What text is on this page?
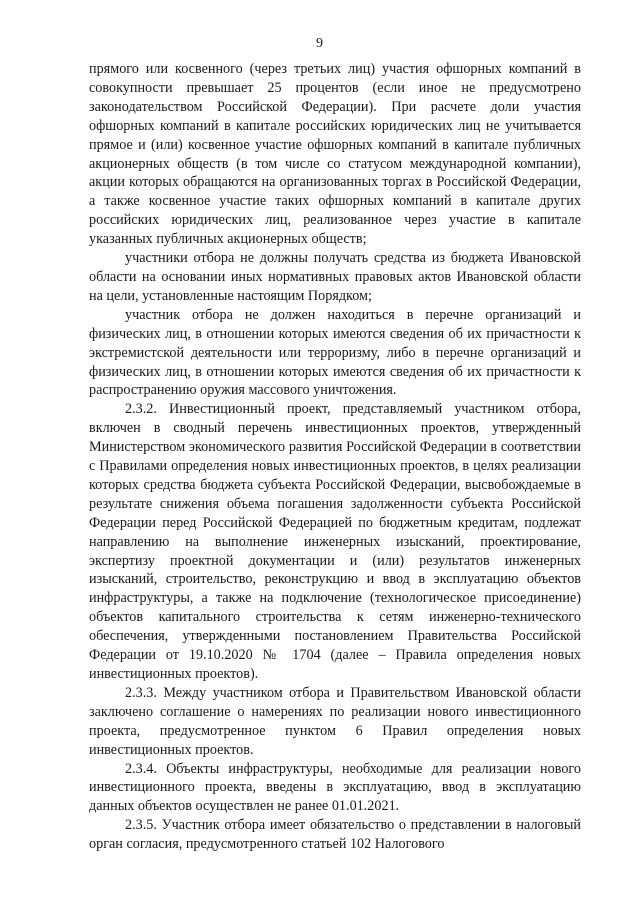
9

прямого или косвенного (через третьих лиц) участия офшорных компаний в совокупности превышает 25 процентов (если иное не предусмотрено законодательством Российской Федерации). При расчете доли участия офшорных компаний в капитале российских юридических лиц не учитывается прямое и (или) косвенное участие офшорных компаний в капитале публичных акционерных обществ (в том числе со статусом международной компании), акции которых обращаются на организованных торгах в Российской Федерации, а также косвенное участие таких офшорных компаний в капитале других российских юридических лиц, реализованное через участие в капитале указанных публичных акционерных обществ;

участники отбора не должны получать средства из бюджета Ивановской области на основании иных нормативных правовых актов Ивановской области на цели, установленные настоящим Порядком;

участник отбора не должен находиться в перечне организаций и физических лиц, в отношении которых имеются сведения об их причастности к экстремистской деятельности или терроризму, либо в перечне организаций и физических лиц, в отношении которых имеются сведения об их причастности к распространению оружия массового уничтожения.

2.3.2. Инвестиционный проект, представляемый участником отбора, включен в сводный перечень инвестиционных проектов, утвержденный Министерством экономического развития Российской Федерации в соответствии с Правилами определения новых инвестиционных проектов, в целях реализации которых средства бюджета субъекта Российской Федерации, высвобождаемые в результате снижения объема погашения задолженности субъекта Российской Федерации перед Российской Федерацией по бюджетным кредитам, подлежат направлению на выполнение инженерных изысканий, проектирование, экспертизу проектной документации и (или) результатов инженерных изысканий, строительство, реконструкцию и ввод в эксплуатацию объектов инфраструктуры, а также на подключение (технологическое присоединение) объектов капитального строительства к сетям инженерно-технического обеспечения, утвержденными постановлением Правительства Российской Федерации от 19.10.2020 № 1704 (далее – Правила определения новых инвестиционных проектов).

2.3.3. Между участником отбора и Правительством Ивановской области заключено соглашение о намерениях по реализации нового инвестиционного проекта, предусмотренное пунктом 6 Правил определения новых инвестиционных проектов.

2.3.4. Объекты инфраструктуры, необходимые для реализации нового инвестиционного проекта, введены в эксплуатацию, ввод в эксплуатацию данных объектов осуществлен не ранее 01.01.2021.

2.3.5. Участник отбора имеет обязательство о представлении в налоговый орган согласия, предусмотренного статьей 102 Налогового
